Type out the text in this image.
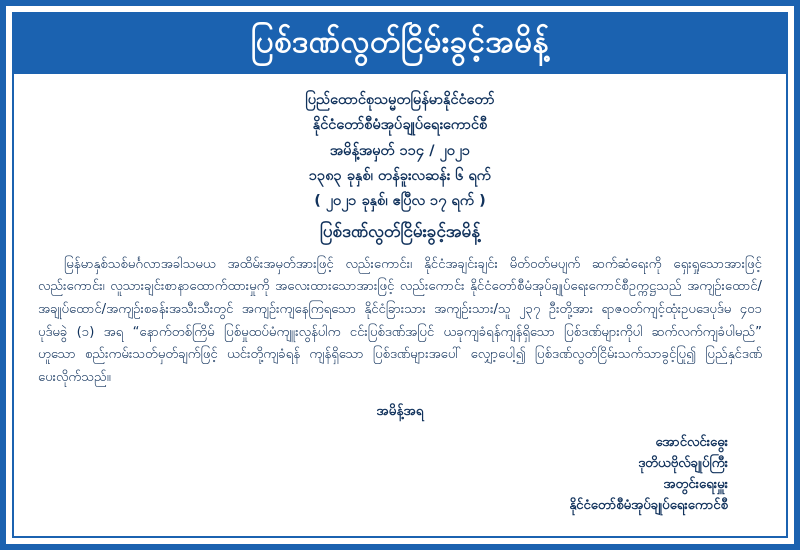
ပြစ်ဒဏ်လွတ်ငြိမ်းခွင့်အမိန့်
ပြည်ထောင်စုသမ္မတမြန်မာနိုင်ငံတော်
နိုင်ငံတော်စီမံအုပ်ချုပ်ရေးကောင်စီ
အမိန့်အမှတ် ၁၁၄ / ၂၀၂၁
၁၃၈၃ ခုနှစ်၊ တန်ခူးလဆန်း ၆ ရက်
( ၂၀၂၁ ခုနှစ်၊ ဧပြီလ ၁၇ ရက် )
ပြစ်ဒဏ်လွတ်ငြိမ်းခွင့်အမိန့်
မြန်မာနှစ်သစ်မင်္ဂလာအခါသမယ အထိမ်းအမှတ်အားဖြင့် လည်းကောင်း၊ နိုင်ငံအချင်းချင်း မိတ်ဝတ်မပျက် ဆက်ဆံရေးကို ရှေးရှုသောအားဖြင့် လည်းကောင်း၊ လူသားချင်းစာနာထောက်ထားမှုကို အလေးထားသောအားဖြင့် လည်းကောင်း နိုင်ငံတော်စီမံအုပ်ချုပ်ရေးကောင်စီဥက္ကဋ္ဌသည် အကျဉ်းထောင်/အချုပ်ထောင်/အကျဉ်းစခန်းအသီးသီးတွင် အကျဉ်းကျနေကြရသော နိုင်ငံခြားသား အကျဉ်းသား/သူ ၂၃၇ ဦးတို့အား ရာဇဝတ်ကျင့်ထုံးဥပဒေပုဒ်မ ၄၀၁ ပုဒ်မခွဲ (၁) အရ “နောက်တစ်ကြိမ် ပြစ်မှုထပ်မံကျူးလွန်ပါက ငင်းပြစ်ဒဏ်အပြင် ယခုကျခံရန်ကျန်ရှိသော ပြစ်ဒဏ်များကိုပါ ဆက်လက်ကျခံပါမည်” ဟူသော စည်းကမ်းသတ်မှတ်ချက်ဖြင့် ယင်းတို့ကျခံရန် ကျန်ရှိသော ပြစ်ဒဏ်များအပေါ် လျှော့ပေါ့၍ ပြစ်ဒဏ်လွတ်ငြိမ်းသက်သာခွင့်ပြု၍ ပြည်နှင်ဒဏ်ပေးလိုက်သည်။
အမိန့်အရ
အောင်လင်းဓွေး
ဒုတိယဗိုလ်ချုပ်ကြီး
အတွင်းရေးမှူး
နိုင်ငံတော်စီမံအုပ်ချုပ်ရေးကောင်စီ
